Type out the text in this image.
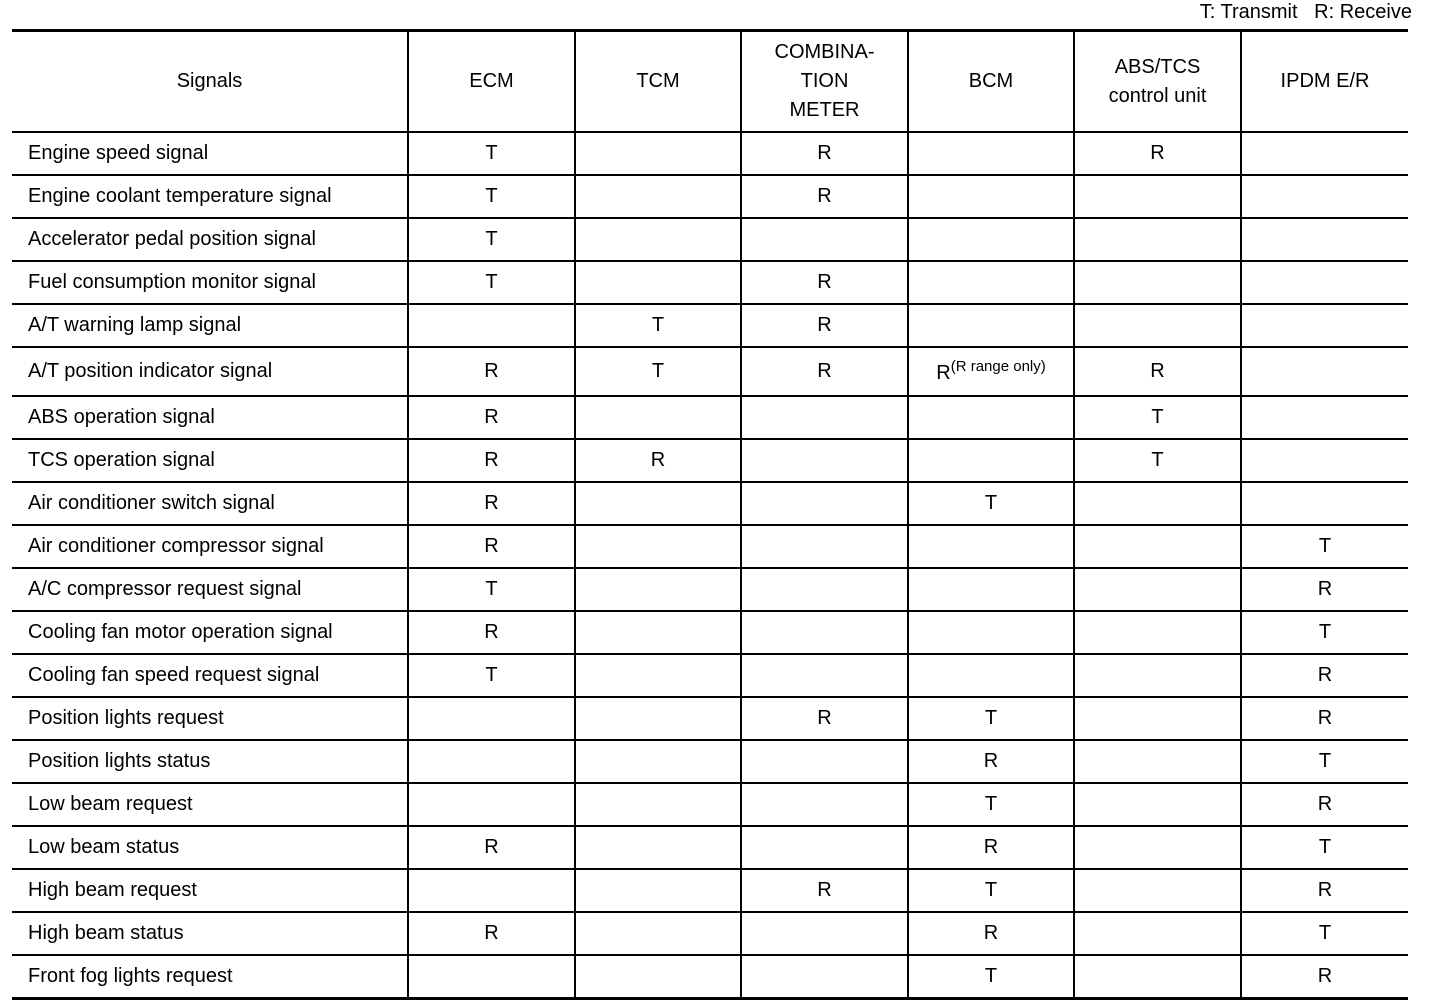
T: Transmit   R: Receive
Signals	ECM	TCM	COMBINA-
TION
METER	BCM	ABS/TCS
control unit	IPDM E/R
Engine speed signal	T		R		R	
Engine coolant temperature signal	T		R			
Accelerator pedal position signal	T					
Fuel consumption monitor signal	T		R			
A/T warning lamp signal		T	R			
A/T position indicator signal	R	T	R	R$^{(R range only)}$	R	
ABS operation signal	R				T	
TCS operation signal	R	R			T	
Air conditioner switch signal	R			T		
Air conditioner compressor signal	R					T
A/C compressor request signal	T					R
Cooling fan motor operation signal	R					T
Cooling fan speed request signal	T					R
Position lights request			R	T		R
Position lights status				R		T
Low beam request				T		R
Low beam status	R			R		T
High beam request			R	T		R
High beam status	R			R		T
Front fog lights request				T		R
